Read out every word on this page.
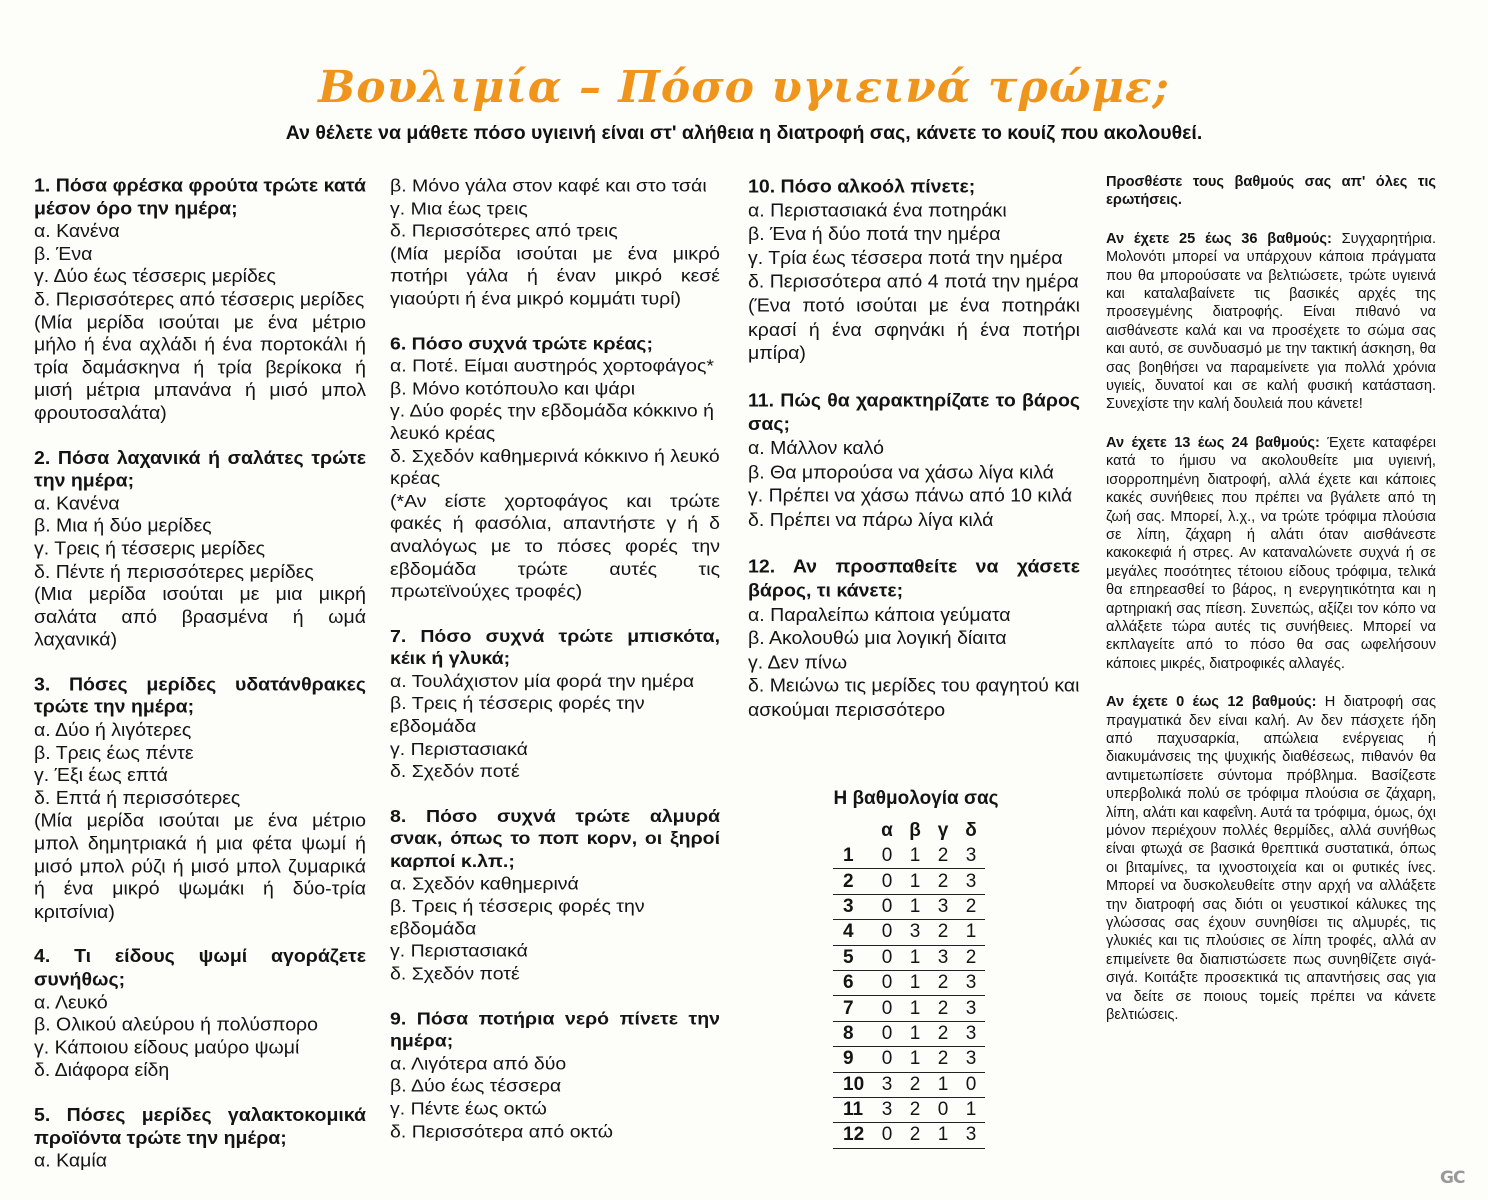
Βουλιμία – Πόσο υγιεινά τρώμε;
Αν θέλετε να μάθετε πόσο υγιεινή είναι στ' αλήθεια η διατροφή σας, κάνετε το κουίζ που ακολουθεί.
1. Πόσα φρέσκα φρούτα τρώτε κατά μέσον όρο την ημέρα;
α. Κανένα
β. Ένα
γ. Δύο έως τέσσερις μερίδες
δ. Περισσότερες από τέσσερις μερίδες
(Μία μερίδα ισούται με ένα μέτριο μήλο ή ένα αχλάδι ή ένα πορτοκάλι ή τρία δαμάσκηνα ή τρία βερίκοκα ή μισή μέτρια μπανάνα ή μισό μπολ φρουτοσαλάτα)
2. Πόσα λαχανικά ή σαλάτες τρώτε την ημέρα;
α. Κανένα
β. Μια ή δύο μερίδες
γ. Τρεις ή τέσσερις μερίδες
δ. Πέντε ή περισσότερες μερίδες
(Μια μερίδα ισούται με μια μικρή σαλάτα από βρασμένα ή ωμά λαχανικά)
3. Πόσες μερίδες υδατάνθρακες τρώτε την ημέρα;
α. Δύο ή λιγότερες
β. Τρεις έως πέντε
γ. Έξι έως επτά
δ. Επτά ή περισσότερες
(Μία μερίδα ισούται με ένα μέτριο μπολ δημητριακά ή μια φέτα ψωμί ή μισό μπολ ρύζι ή μισό μπολ ζυμαρικά ή ένα μικρό ψωμάκι ή δύο-τρία κριτσίνια)
4. Τι είδους ψωμί αγοράζετε συνήθως;
α. Λευκό
β. Ολικού αλεύρου ή πολύσπορο
γ. Κάποιου είδους μαύρο ψωμί
δ. Διάφορα είδη
5. Πόσες μερίδες γαλακτοκομικά προϊόντα τρώτε την ημέρα;
α. Καμία
β. Μόνο γάλα στον καφέ και στο τσάι
γ. Μια έως τρεις
δ. Περισσότερες από τρεις
(Μία μερίδα ισούται με ένα μικρό ποτήρι γάλα ή έναν μικρό κεσέ γιαούρτι ή ένα μικρό κομμάτι τυρί)
6. Πόσο συχνά τρώτε κρέας;
α. Ποτέ. Είμαι αυστηρός χορτοφάγος*
β. Μόνο κοτόπουλο και ψάρι
γ. Δύο φορές την εβδομάδα κόκκινο ή λευκό κρέας
δ. Σχεδόν καθημερινά κόκκινο ή λευκό κρέας
(*Αν είστε χορτοφάγος και τρώτε φακές ή φασόλια, απαντήστε γ ή δ αναλόγως με το πόσες φορές την εβδομάδα τρώτε αυτές τις πρωτεϊνούχες τροφές)
7. Πόσο συχνά τρώτε μπισκότα, κέικ ή γλυκά;
α. Τουλάχιστον μία φορά την ημέρα
β. Τρεις ή τέσσερις φορές την εβδομάδα
γ. Περιστασιακά
δ. Σχεδόν ποτέ
8. Πόσο συχνά τρώτε αλμυρά σνακ, όπως το ποπ κορν, οι ξηροί καρποί κ.λπ.;
α. Σχεδόν καθημερινά
β. Τρεις ή τέσσερις φορές την εβδομάδα
γ. Περιστασιακά
δ. Σχεδόν ποτέ
9. Πόσα ποτήρια νερό πίνετε την ημέρα;
α. Λιγότερα από δύο
β. Δύο έως τέσσερα
γ. Πέντε έως οκτώ
δ. Περισσότερα από οκτώ
10. Πόσο αλκοόλ πίνετε;
α. Περιστασιακά ένα ποτηράκι
β. Ένα ή δύο ποτά την ημέρα
γ. Τρία έως τέσσερα ποτά την ημέρα
δ. Περισσότερα από 4 ποτά την ημέρα
(Ένα ποτό ισούται με ένα ποτηράκι κρασί ή ένα σφηνάκι ή ένα ποτήρι μπίρα)
11. Πώς θα χαρακτηρίζατε το βάρος σας;
α. Μάλλον καλό
β. Θα μπορούσα να χάσω λίγα κιλά
γ. Πρέπει να χάσω πάνω από 10 κιλά
δ. Πρέπει να πάρω λίγα κιλά
12. Αν προσπαθείτε να χάσετε βάρος, τι κάνετε;
α. Παραλείπω κάποια γεύματα
β. Ακολουθώ μια λογική δίαιτα
γ. Δεν πίνω
δ. Μειώνω τις μερίδες του φαγητού και ασκούμαι περισσότερο
Η βαθμολογία σας
	α	β	γ	δ
1	0	1	2	3
2	0	1	2	3
3	0	1	3	2
4	0	3	2	1
5	0	1	3	2
6	0	1	2	3
7	0	1	2	3
8	0	1	2	3
9	0	1	2	3
10	3	2	1	0
11	3	2	0	1
12	0	2	1	3

Προσθέστε τους βαθμούς σας απ' όλες τις ερωτήσεις.

Αν έχετε 25 έως 36 βαθμούς: Συγχαρητήρια. Μολονότι μπορεί να υπάρχουν κάποια πράγματα που θα μπορούσατε να βελτιώσετε, τρώτε υγιεινά και καταλαβαίνετε τις βασικές αρχές της προσεγμένης διατροφής. Είναι πιθανό να αισθάνεστε καλά και να προσέχετε το σώμα σας και αυτό, σε συνδυασμό με την τακτική άσκηση, θα σας βοηθήσει να παραμείνετε για πολλά χρόνια υγιείς, δυνατοί και σε καλή φυσική κατάσταση. Συνεχίστε την καλή δουλειά που κάνετε!

Αν έχετε 13 έως 24 βαθμούς: Έχετε καταφέρει κατά το ήμισυ να ακολουθείτε μια υγιεινή, ισορροπημένη διατροφή, αλλά έχετε και κάποιες κακές συνήθειες που πρέπει να βγάλετε από τη ζωή σας. Μπορεί, λ.χ., να τρώτε τρόφιμα πλούσια σε λίπη, ζάχαρη ή αλάτι όταν αισθάνεστε κακοκεφιά ή στρες. Αν καταναλώνετε συχνά ή σε μεγάλες ποσότητες τέτοιου είδους τρόφιμα, τελικά θα επηρεασθεί το βάρος, η ενεργητικότητα και η αρτηριακή σας πίεση. Συνεπώς, αξίζει τον κόπο να αλλάξετε τώρα αυτές τις συνήθειες. Μπορεί να εκπλαγείτε από το πόσο θα σας ωφελήσουν κάποιες μικρές, διατροφικές αλλαγές.

Αν έχετε 0 έως 12 βαθμούς: Η διατροφή σας πραγματικά δεν είναι καλή. Αν δεν πάσχετε ήδη από παχυσαρκία, απώλεια ενέργειας ή διακυμάνσεις της ψυχικής διαθέσεως, πιθανόν θα αντιμετωπίσετε σύντομα πρόβλημα. Βασίζεστε υπερβολικά πολύ σε τρόφιμα πλούσια σε ζάχαρη, λίπη, αλάτι και καφεΐνη. Αυτά τα τρόφιμα, όμως, όχι μόνον περιέχουν πολλές θερμίδες, αλλά συνήθως είναι φτωχά σε βασικά θρεπτικά συστατικά, όπως οι βιταμίνες, τα ιχνοστοιχεία και οι φυτικές ίνες. Μπορεί να δυσκολευθείτε στην αρχή να αλλάξετε την διατροφή σας διότι οι γευστικοί κάλυκες της γλώσσας σας έχουν συνηθίσει τις αλμυρές, τις γλυκιές και τις πλούσιες σε λίπη τροφές, αλλά αν επιμείνετε θα διαπιστώσετε πως συνηθίζετε σιγά-σιγά. Κοιτάξτε προσεκτικά τις απαντήσεις σας για να δείτε σε ποιους τομείς πρέπει να κάνετε βελτιώσεις.

GC
